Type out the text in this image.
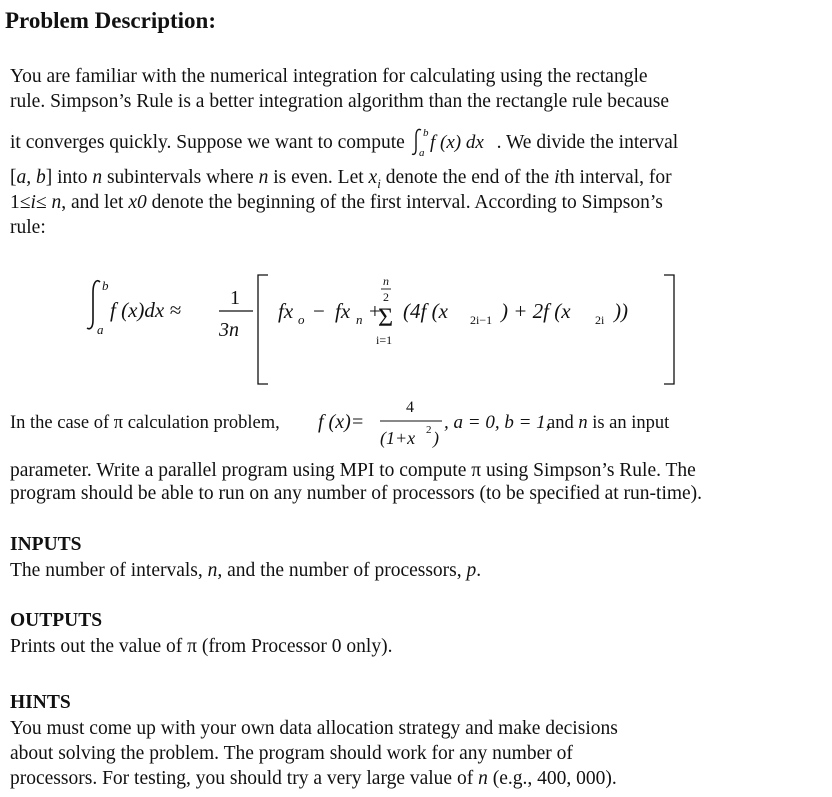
Problem Description:
You are familiar with the numerical integration for calculating using the rectangle
rule. Simpson’s Rule is a better integration algorithm than the rectangle rule because
it converges quickly. Suppose we want to compute b
a f (x) dx . We divide the interval
[a, b] into n subintervals where n is even. Let $x_i$ denote the end of the ith interval, for
1≤i≤ n, and let x0 denote the beginning of the first interval. According to Simpson’s
rule:
b
a
f (x)dx ≈ 1
3n
fx o − fx n +
n
2
Σ
i=1
(4f (x 2i−1 ) + 2f (x 2i ))
In the case of π calculation problem, f (x)=
4
(1+x 2 )
, a = 0, b = 1,
and n is an input
parameter. Write a parallel program using MPI to compute π using Simpson’s Rule. The
program should be able to run on any number of processors (to be specified at run-time).
INPUTS
The number of intervals, n, and the number of processors, p.
OUTPUTS
Prints out the value of π (from Processor 0 only).
HINTS
You must come up with your own data allocation strategy and make decisions
about solving the problem. The program should work for any number of
processors. For testing, you should try a very large value of n (e.g., 400, 000).
